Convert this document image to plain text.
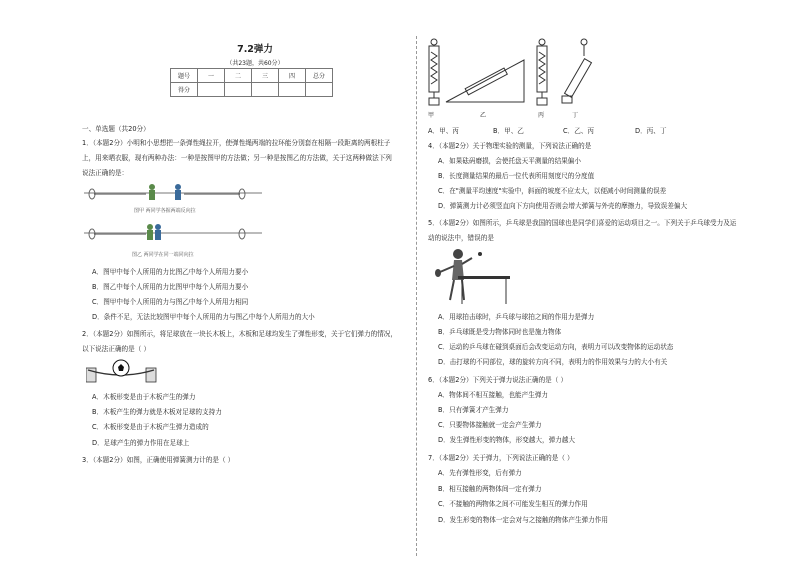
7.2弹力
（共23题，共60分）
题号	一	二	三	四	总分
得分					
一、单选题（共20分）
1．（本题2分）小明和小思想把一条弹性绳拉开，使弹性绳两端的拉环能分别套在相隔一段距离的两根柱子
上，用来晒衣服，现有两种办法：一种是按图甲的方法做；另一种是按图乙的方法做，关于这两种做法下列
说法正确的是：
图甲 两同学各握两端反向拉
图乙 两同学在同一端同向拉
A．图甲中每个人所用的力比图乙中每个人所用力要小
B．图乙中每个人所用的力比图甲中每个人所用力要小
C．图甲中每个人所用的力与图乙中每个人所用力相同
D．条件不足，无法比较图甲中每个人所用的力与图乙中每个人所用力的大小
2．（本题2分）如图所示，将足球放在一块长木板上，木板和足球均发生了弹性形变，关于它们弹力的情况，
以下说法正确的是（ ）
A．木板形变是由于木板产生的弹力
B．木板产生的弹力就是木板对足球的支持力
C．木板形变是由于木板产生弹力造成的
D．足球产生的弹力作用在足球上
3．（本题2分）如图，正确使用弹簧测力计的是（ ）
甲	乙	丙	丁
A．甲、丙	B．甲、乙	C．乙、丙	D．丙、丁
4．（本题2分）关于物理实验的测量，下列说法正确的是
A．如果砝码磨损，会使托盘天平测量的结果偏小
B．长度测量结果的最后一位代表所用刻度尺的分度值
C．在"测量平均速度"实验中，斜面的坡度不应太大，以便减小时间测量的误差
D．弹簧测力计必须竖直向下方向使用否则会增大弹簧与外壳的摩擦力，导致误差偏大
5．（本题2分）如图所示，乒乓球是我国的国球也是同学们喜爱的运动项目之一。下列关于乒乓球受力及运
动的说法中，错误的是
A．用球拍击球时，乒乓球与球拍之间的作用力是弹力
B．乒乓球既是受力物体同时也是施力物体
C．运动的乒乓球在碰到桌面后会改变运动方向，表明力可以改变物体的运动状态
D．击打球的不同部位，球的旋转方向不同，表明力的作用效果与力的大小有关
6．（本题2分）下列关于弹力说法正确的是（ ）
A．物体间不相互接触，也能产生弹力
B．只有弹簧才产生弹力
C．只要物体接触就一定会产生弹力
D．发生弹性形变的物体，形变越大，弹力越大
7．（本题2分）关于弹力，下列说法正确的是（ ）
A．先有弹性形变，后有弹力
B．相互接触的两物体间一定有弹力
C．不接触的两物体之间不可能发生相互的弹力作用
D．发生形变的物体一定会对与之接触的物体产生弹力作用
